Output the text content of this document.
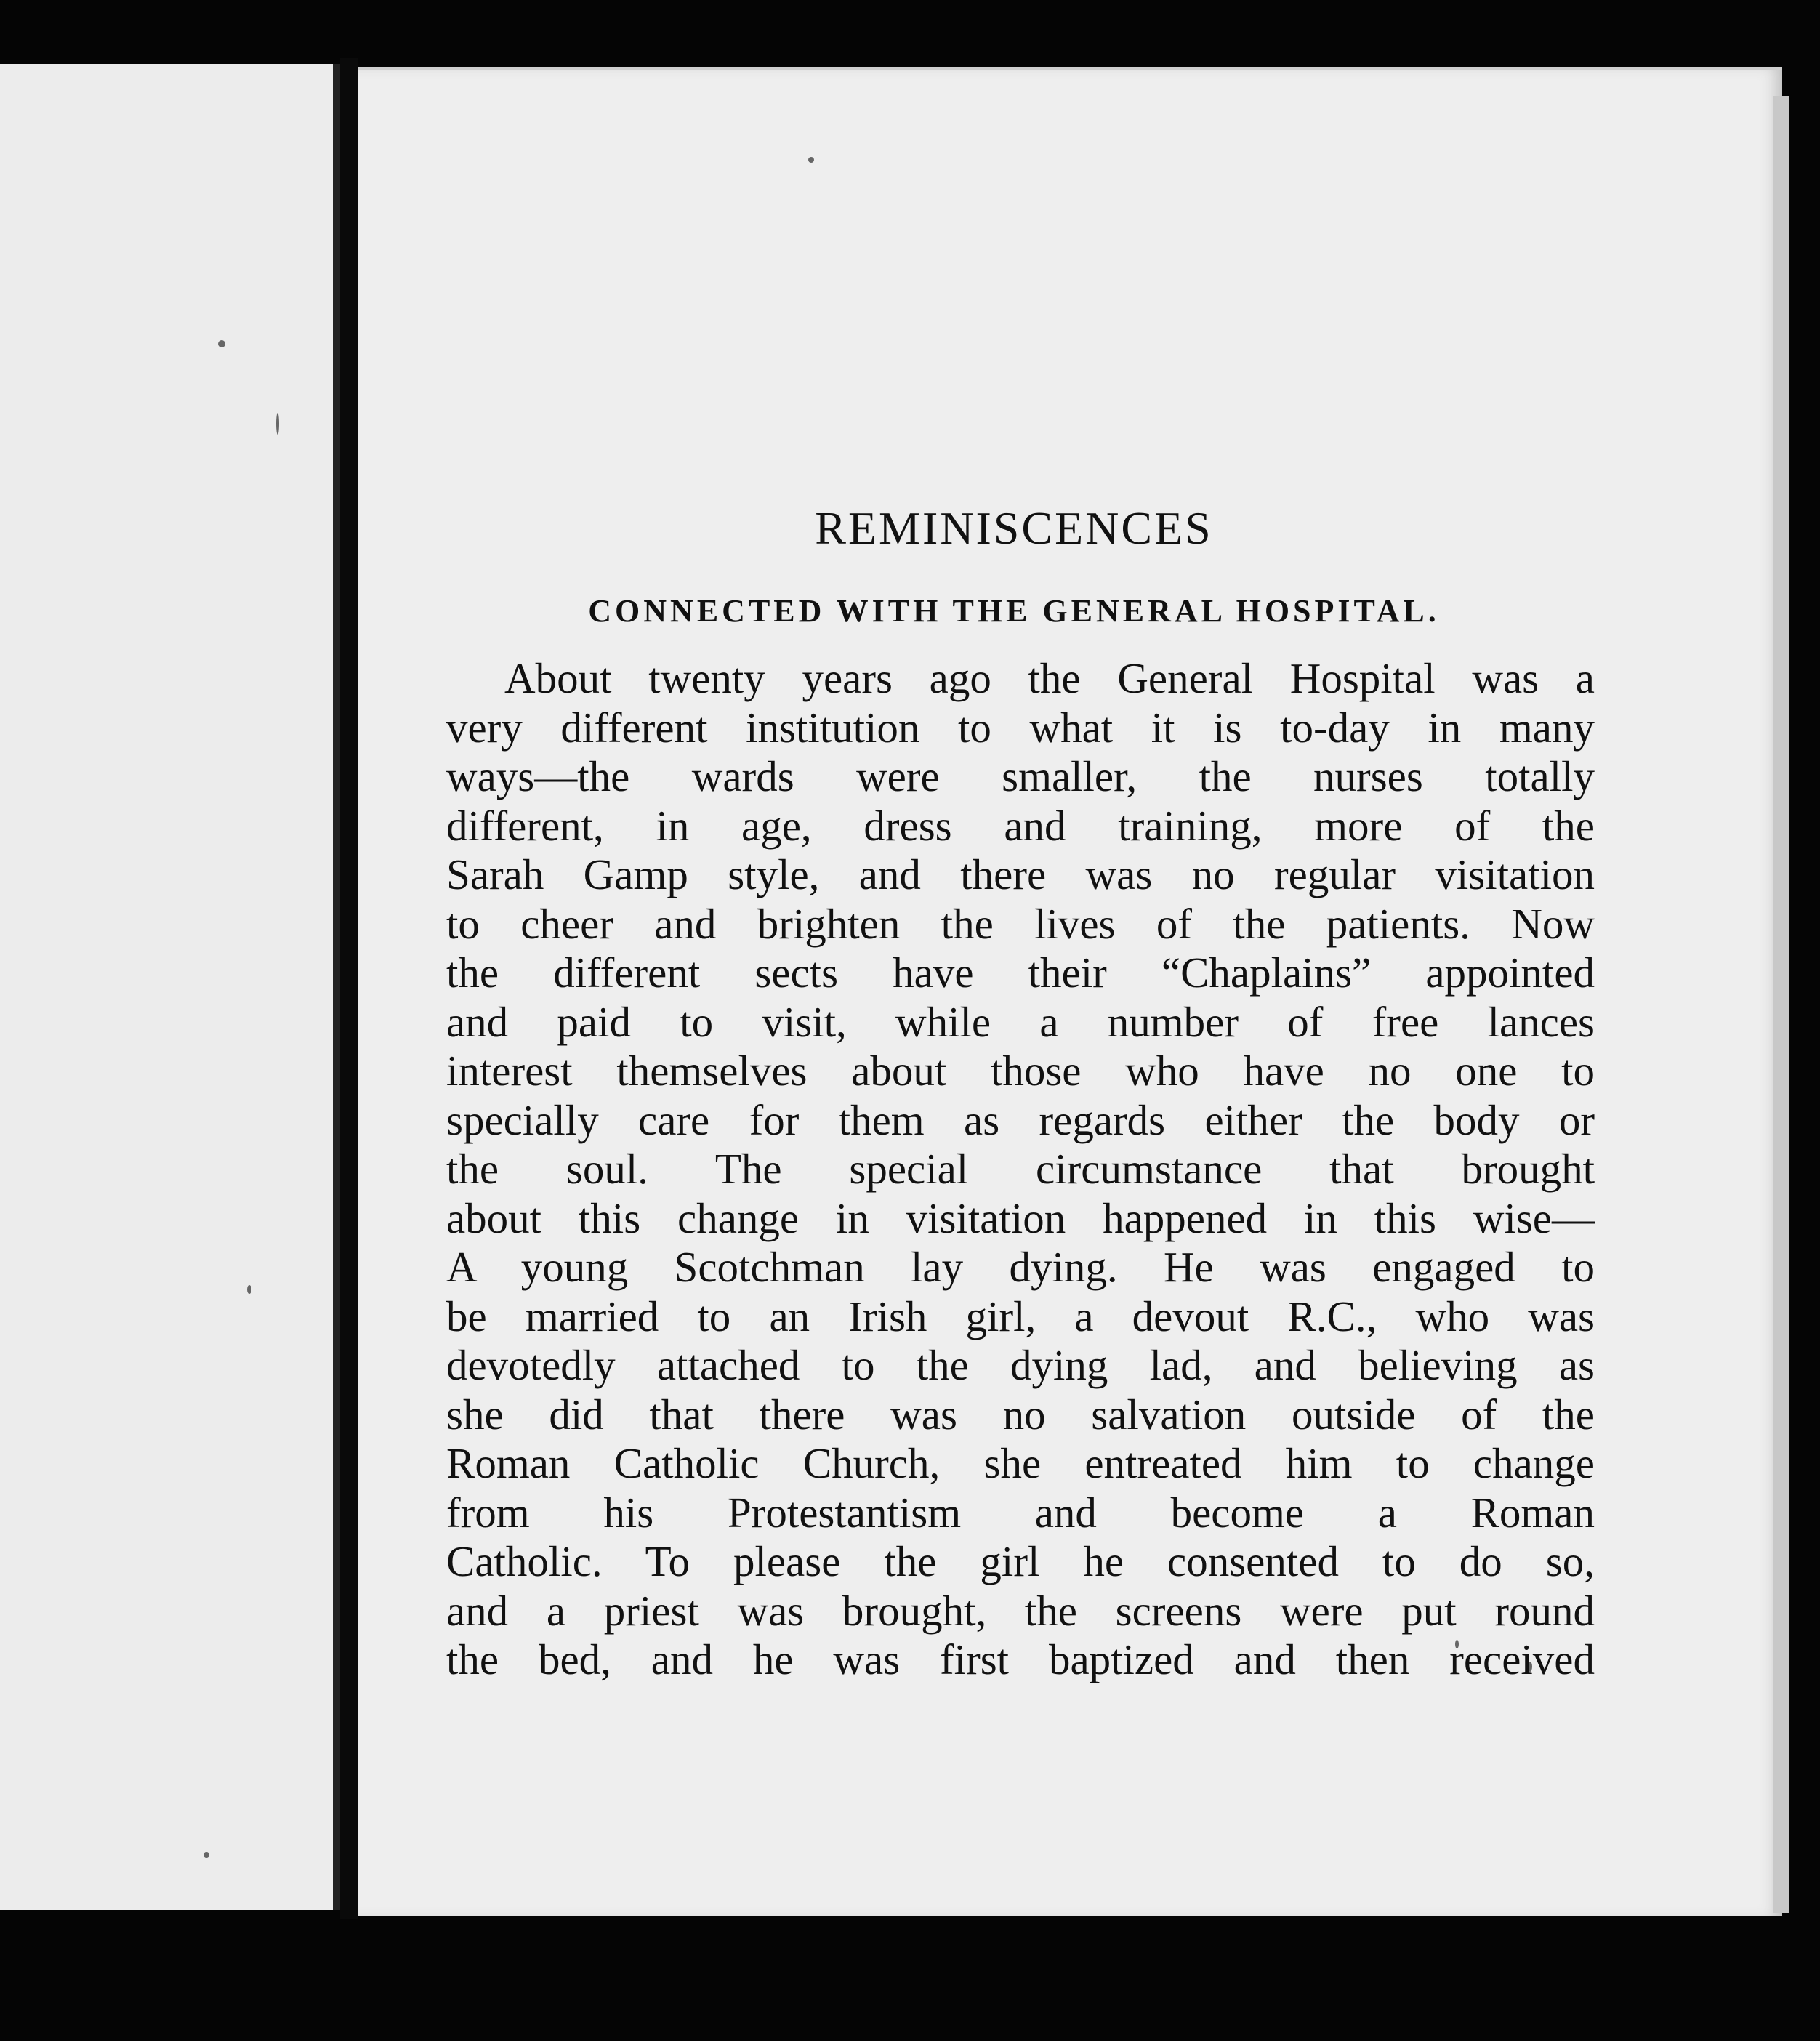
REMINISCENCES
CONNECTED WITH THE GENERAL HOSPITAL.
About twenty years ago the General Hospital was a
very different institution to what it is to-day in many
ways—the wards were smaller, the nurses totally
different, in age, dress and training, more of the
Sarah Gamp style, and there was no regular visitation
to cheer and brighten the lives of the patients. Now
the different sects have their “Chaplains” appointed
and paid to visit, while a number of free lances
interest themselves about those who have no one to
specially care for them as regards either the body or
the soul. The special circumstance that brought
about this change in visitation happened in this wise—
A young Scotchman lay dying. He was engaged to
be married to an Irish girl, a devout R.C., who was
devotedly attached to the dying lad, and believing as
she did that there was no salvation outside of the
Roman Catholic Church, she entreated him to change
from his Protestantism and become a Roman
Catholic. To please the girl he consented to do so,
and a priest was brought, the screens were put round
the bed, and he was first baptized and then received
